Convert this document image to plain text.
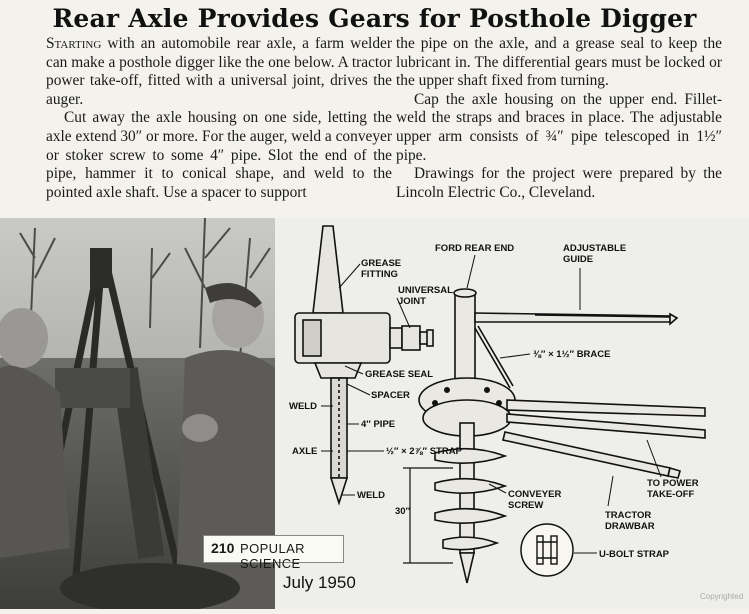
Rear Axle Provides Gears for Posthole Digger

Starting with an automobile rear axle, a farm welder can make a posthole digger like the one below. A tractor power take-off, fitted with a universal joint, drives the auger.

Cut away the axle housing on one side, letting the axle extend 30″ or more. For the auger, weld a conveyer or stoker screw to some 4″ pipe. Slot the end of the pipe, hammer it to conical shape, and weld to the pointed axle shaft. Use a spacer to support

the pipe on the axle, and a grease seal to keep the lubricant in. The differential gears must be locked or the upper shaft fixed from turning.

Cap the axle housing on the upper end. Fillet-weld the straps and braces in place. The adjustable upper arm consists of ¾″ pipe telescoped in 1½″ pipe.

Drawings for the project were prepared by the Lincoln Electric Co., Cleveland.

GREASE
FITTING
UNIVERSAL
JOINT
FORD REAR END	ADJUSTABLE
GUIDE
⅜″ × 1½″ BRACE
GREASE SEAL
SPACER
WELD
4″ PIPE
AXLE	½″ × 2⅞″ STRAP
WELD
30″
CONVEYER
SCREW
TO POWER
TAKE-OFF
TRACTOR
DRAWBAR
U-BOLT STRAP
210 POPULAR SCIENCE
July 1950
Copyrighted
